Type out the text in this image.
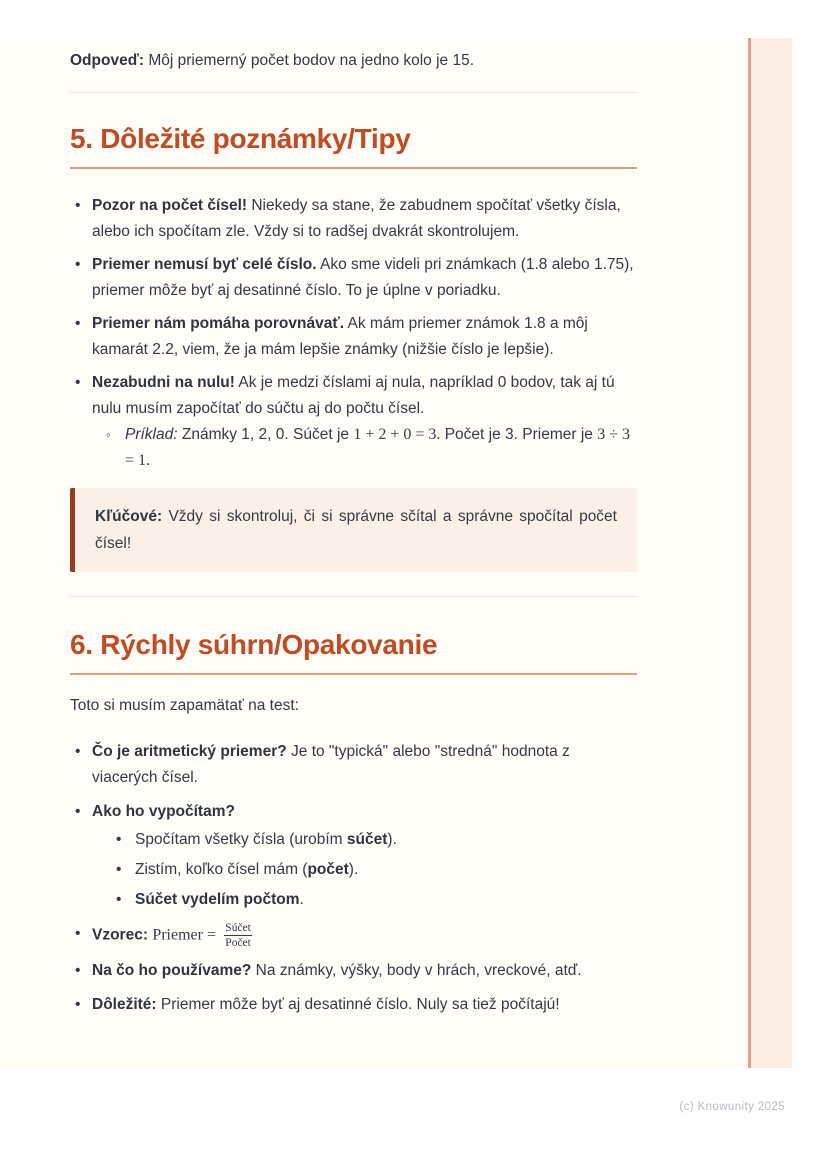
Odpoveď: Môj priemerný počet bodov na jedno kolo je 15.

5. Dôležité poznámky/Tipy
• Pozor na počet čísel! Niekedy sa stane, že zabudnem spočítať všetky čísla, alebo ich spočítam zle. Vždy si to radšej dvakrát skontrolujem.
• Priemer nemusí byť celé číslo. Ako sme videli pri známkach (1.8 alebo 1.75), priemer môže byť aj desatinné číslo. To je úplne v poriadku.
• Priemer nám pomáha porovnávať. Ak mám priemer známok 1.8 a môj kamarát 2.2, viem, že ja mám lepšie známky (nižšie číslo je lepšie).
• Nezabudni na nulu! Ak je medzi číslami aj nula, napríklad 0 bodov, tak aj tú nulu musím započítať do súčtu aj do počtu čísel.
◦ Príklad: Známky 1, 2, 0. Súčet je 1 + 2 + 0 = 3. Počet je 3. Priemer je 3 ÷ 3 = 1.
Kľúčové: Vždy si skontroluj, či si správne sčítal a správne spočítal počet čísel!
6. Rýchly súhrn/Opakovanie

Toto si musím zapamätať na test:

• Čo je aritmetický priemer? Je to "typická" alebo "stredná" hodnota z viacerých čísel.
• Ako ho vypočítam?
• Spočítam všetky čísla (urobím súčet).
• Zistím, koľko čísel mám (počet).
• Súčet vydelím počtom.
• Vzorec: Priemer = $\frac{\text{Súčet}}{\text{Počet}}$
• Na čo ho používame? Na známky, výšky, body v hrách, vreckové, atď.
• Dôležité: Priemer môže byť aj desatinné číslo. Nuly sa tiež počítajú!
(c) Knowunity 2025
